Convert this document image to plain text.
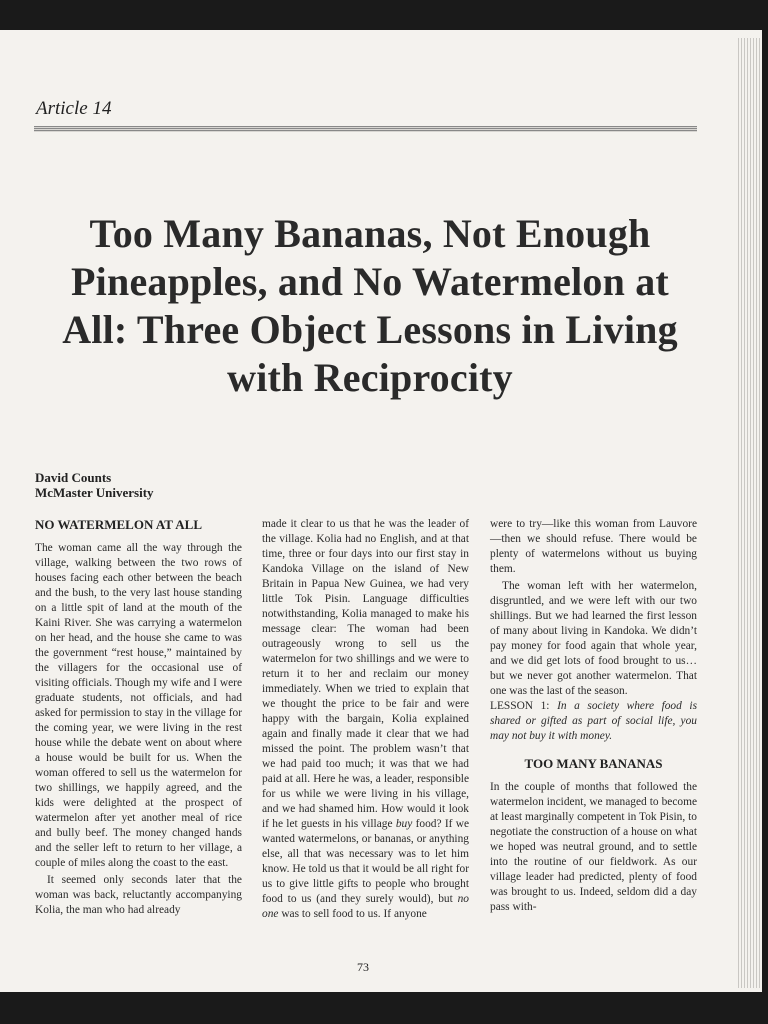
Article 14
Too Many Bananas, Not Enough Pineapples, and No Watermelon at All: Three Object Lessons in Living with Reciprocity
David Counts
McMaster University
NO WATERMELON AT ALL

The woman came all the way through the village, walking between the two rows of houses facing each other between the beach and the bush, to the very last house standing on a little spit of land at the mouth of the Kaini River. She was carrying a watermelon on her head, and the house she came to was the government “rest house,” maintained by the villagers for the occasional use of visiting officials. Though my wife and I were graduate students, not officials, and had asked for permission to stay in the village for the coming year, we were living in the rest house while the debate went on about where a house would be built for us. When the woman offered to sell us the watermelon for two shillings, we happily agreed, and the kids were delighted at the prospect of watermelon after yet another meal of rice and bully beef. The money changed hands and the seller left to return to her village, a couple of miles along the coast to the east.

It seemed only seconds later that the woman was back, reluctantly accompanying Kolia, the man who had already

made it clear to us that he was the leader of the village. Kolia had no English, and at that time, three or four days into our first stay in Kandoka Village on the island of New Britain in Papua New Guinea, we had very little Tok Pisin. Language difficulties notwithstanding, Kolia managed to make his message clear: The woman had been outrageously wrong to sell us the watermelon for two shillings and we were to return it to her and reclaim our money immediately. When we tried to explain that we thought the price to be fair and were happy with the bargain, Kolia explained again and finally made it clear that we had missed the point. The problem wasn’t that we had paid too much; it was that we had paid at all. Here he was, a leader, responsible for us while we were living in his village, and we had shamed him. How would it look if he let guests in his village buy food? If we wanted watermelons, or bananas, or anything else, all that was necessary was to let him know. He told us that it would be all right for us to give little gifts to people who brought food to us (and they surely would), but no one was to sell food to us. If anyone

were to try—like this woman from Lauvore—then we should refuse. There would be plenty of watermelons without us buying them.

The woman left with her watermelon, disgruntled, and we were left with our two shillings. But we had learned the first lesson of many about living in Kandoka. We didn’t pay money for food again that whole year, and we did get lots of food brought to us… but we never got another watermelon. That one was the last of the season.

LESSON 1: In a society where food is shared or gifted as part of social life, you may not buy it with money.

TOO MANY BANANAS

In the couple of months that followed the watermelon incident, we managed to become at least marginally competent in Tok Pisin, to negotiate the construction of a house on what we hoped was neutral ground, and to settle into the routine of our fieldwork. As our village leader had predicted, plenty of food was brought to us. Indeed, seldom did a day pass with-

73
